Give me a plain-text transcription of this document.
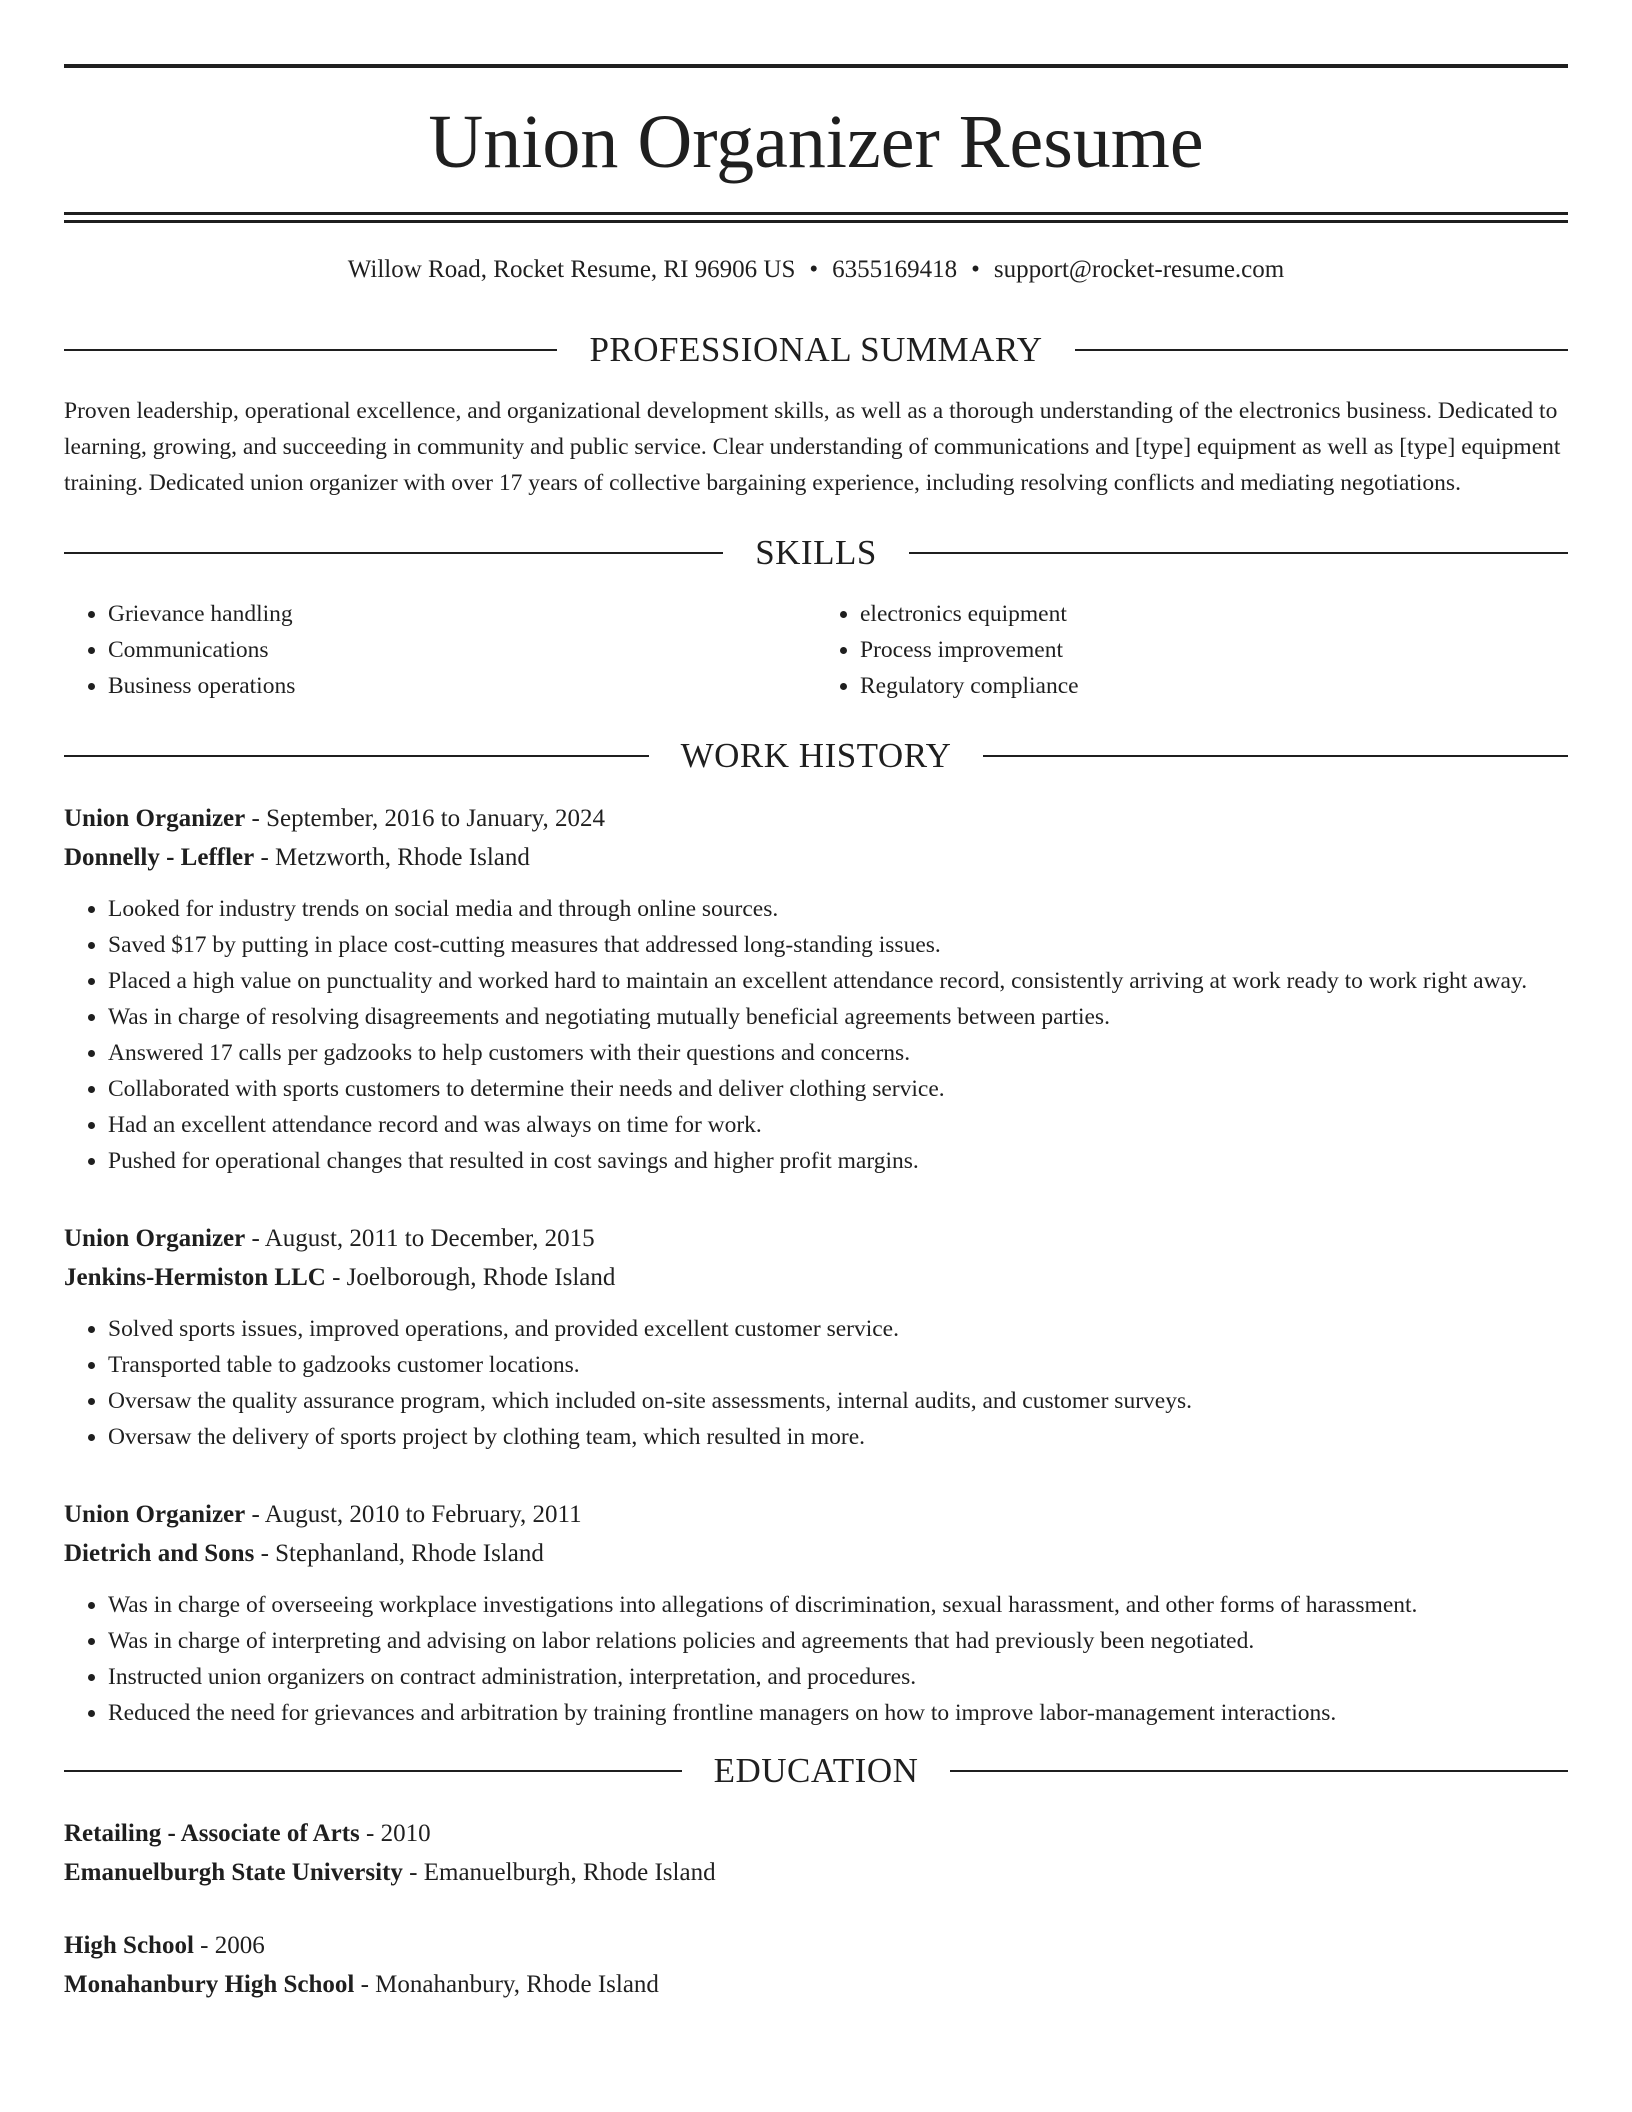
Union Organizer Resume
Willow Road, Rocket Resume, RI 96906 US • 6355169418 • support@rocket-resume.com
PROFESSIONAL SUMMARY

Proven leadership, operational excellence, and organizational development skills, as well as a thorough understanding of the electronics business. Dedicated to learning, growing, and succeeding in community and public service. Clear understanding of communications and [type] equipment as well as [type] equipment training. Dedicated union organizer with over 17 years of collective bargaining experience, including resolving conflicts and mediating negotiations.

SKILLS
• Grievance handling
• Communications
• Business operations
• electronics equipment
• Process improvement
• Regulatory compliance
WORK HISTORY
Union Organizer - September, 2016 to January, 2024
Donnelly - Leffler - Metzworth, Rhode Island
• Looked for industry trends on social media and through online sources.
• Saved $17 by putting in place cost-cutting measures that addressed long-standing issues.
• Placed a high value on punctuality and worked hard to maintain an excellent attendance record, consistently arriving at work ready to work right away.
• Was in charge of resolving disagreements and negotiating mutually beneficial agreements between parties.
• Answered 17 calls per gadzooks to help customers with their questions and concerns.
• Collaborated with sports customers to determine their needs and deliver clothing service.
• Had an excellent attendance record and was always on time for work.
• Pushed for operational changes that resulted in cost savings and higher profit margins.
Union Organizer - August, 2011 to December, 2015
Jenkins-Hermiston LLC - Joelborough, Rhode Island
• Solved sports issues, improved operations, and provided excellent customer service.
• Transported table to gadzooks customer locations.
• Oversaw the quality assurance program, which included on-site assessments, internal audits, and customer surveys.
• Oversaw the delivery of sports project by clothing team, which resulted in more.
Union Organizer - August, 2010 to February, 2011
Dietrich and Sons - Stephanland, Rhode Island
• Was in charge of overseeing workplace investigations into allegations of discrimination, sexual harassment, and other forms of harassment.
• Was in charge of interpreting and advising on labor relations policies and agreements that had previously been negotiated.
• Instructed union organizers on contract administration, interpretation, and procedures.
• Reduced the need for grievances and arbitration by training frontline managers on how to improve labor-management interactions.
EDUCATION
Retailing - Associate of Arts - 2010
Emanuelburgh State University - Emanuelburgh, Rhode Island
High School - 2006
Monahanbury High School - Monahanbury, Rhode Island
